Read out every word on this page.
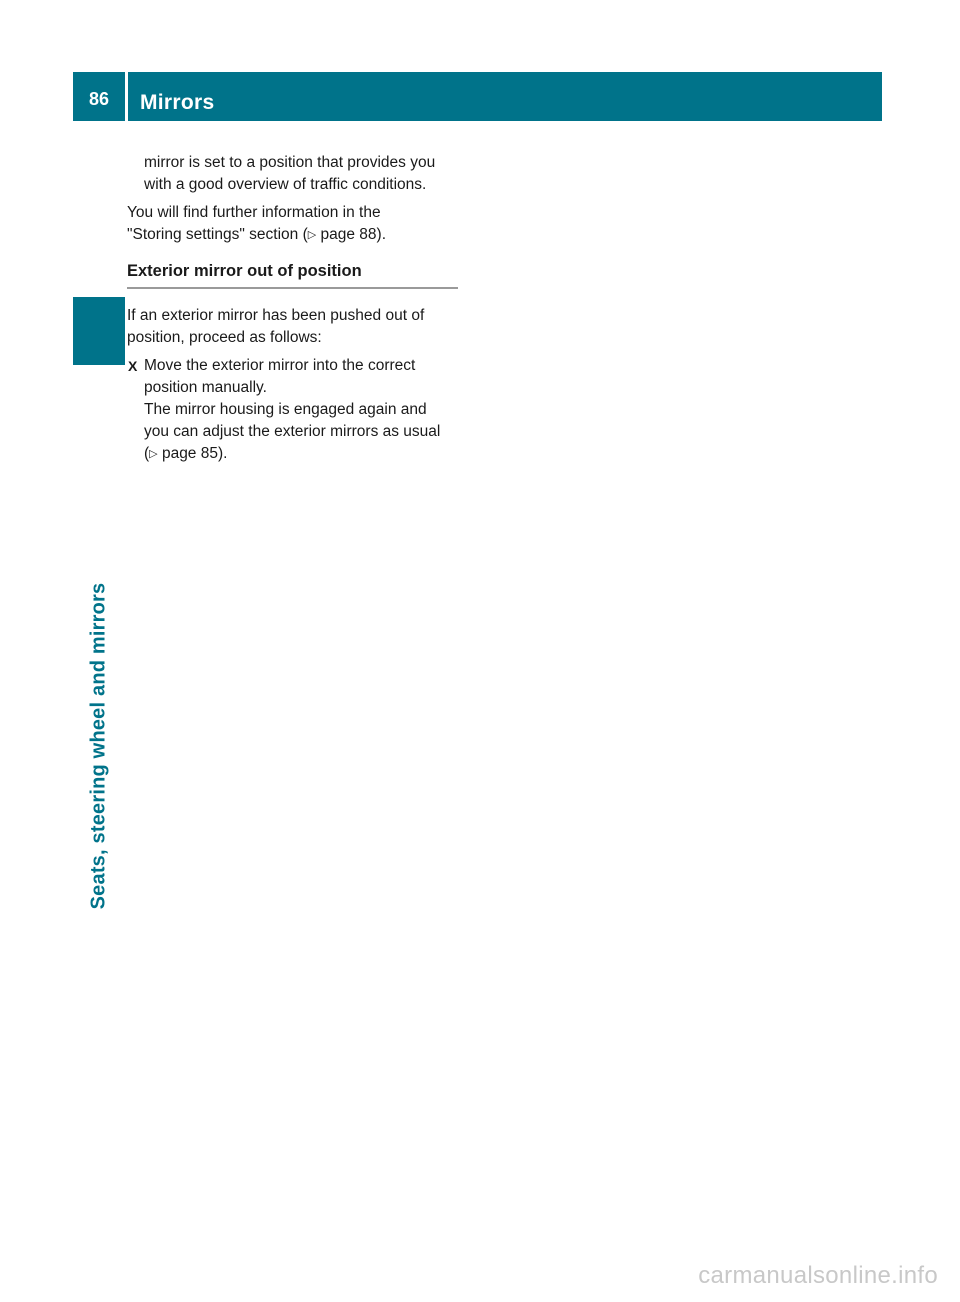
86	Mirrors
Seats, steering wheel and mirrors

mirror is set to a position that provides you
with a good overview of traffic conditions.

You will find further information in the
"Storing settings" section (▷ page 88).

Exterior mirror out of position

If an exterior mirror has been pushed out of
position, proceed as follows:

X Move the exterior mirror into the correct
position manually.
The mirror housing is engaged again and
you can adjust the exterior mirrors as usual
(▷ page 85).
carmanualsonline.info
